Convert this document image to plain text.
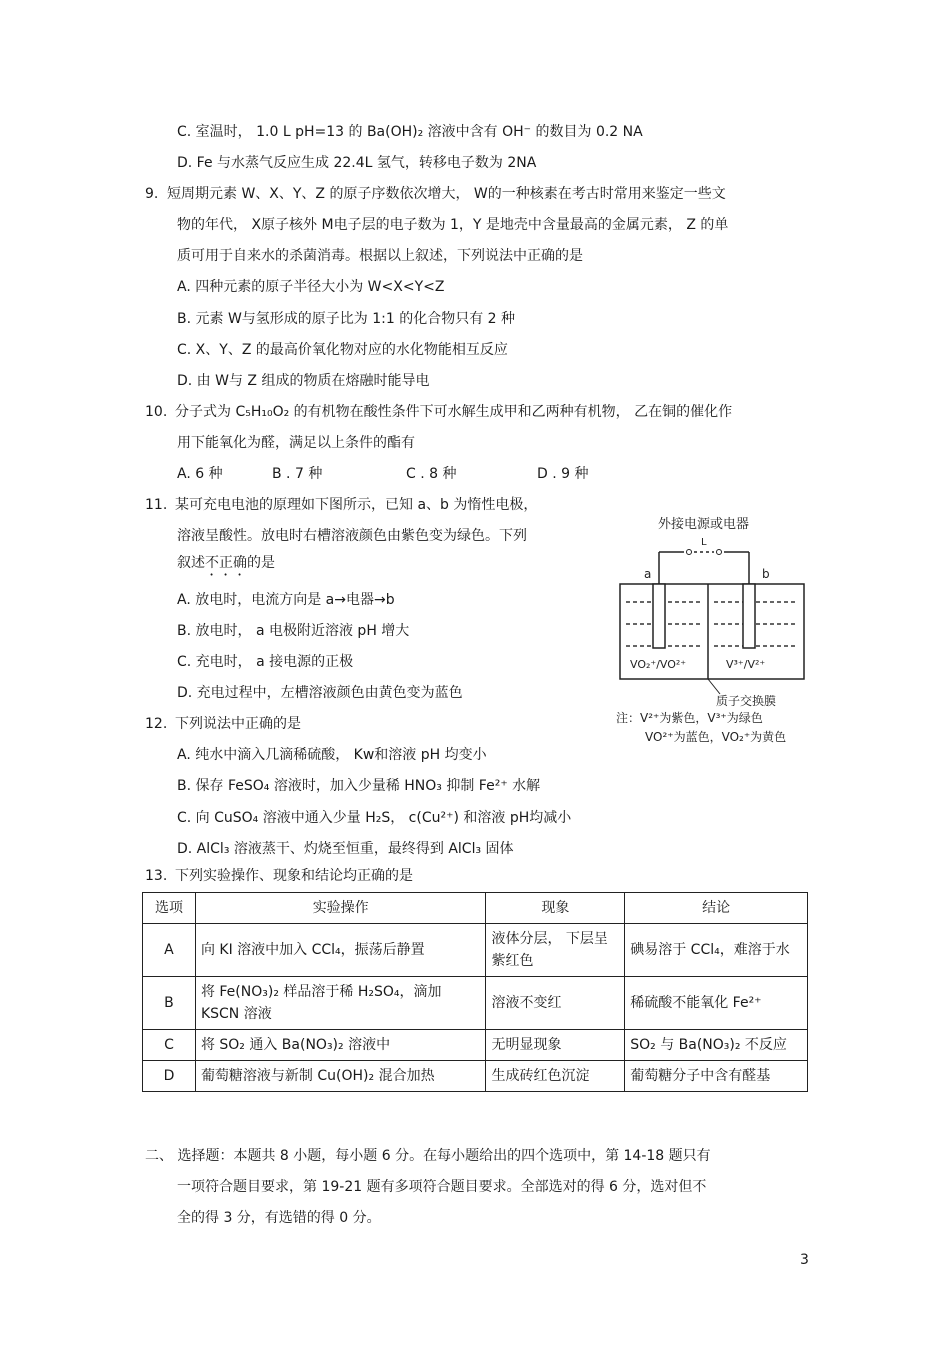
C. 室温时， 1.0 L pH=13 的 Ba(OH)₂ 溶液中含有 OH⁻ 的数目为 0.2 NA
D. Fe 与水蒸气反应生成 22.4L 氢气，转移电子数为 2NA
9. 短周期元素 W、X、Y、Z 的原子序数依次增大， W的一种核素在考古时常用来鉴定一些文
物的年代， X原子核外 M电子层的电子数为 1，Y 是地壳中含量最高的金属元素， Z 的单
质可用于自来水的杀菌消毒。根据以上叙述，下列说法中正确的是
A. 四种元素的原子半径大小为 W<X<Y<Z
B. 元素 W与氢形成的原子比为 1:1 的化合物只有 2 种
C. X、Y、Z 的最高价氧化物对应的水化物能相互反应
D. 由 W与 Z 组成的物质在熔融时能导电
10. 分子式为 C₅H₁₀O₂ 的有机物在酸性条件下可水解生成甲和乙两种有机物， 乙在铜的催化作
用下能氧化为醛，满足以上条件的酯有
A. 6 种	B . 7 种	C . 8 种	D . 9 种
11. 某可充电电池的原理如下图所示，已知 a、b 为惰性电极，
溶液呈酸性。放电时右槽溶液颜色由紫色变为绿色。下列
叙述不正确的是
A. 放电时，电流方向是 a→电器→b
B. 放电时， a 电极附近溶液 pH 增大
C. 充电时， a 接电源的正极
D. 充电过程中，左槽溶液颜色由黄色变为蓝色
外接电源或电器
L
a	b
VO₂⁺/VO²⁺	V³⁺/V²⁺
质子交换膜
注：V²⁺为紫色，V³⁺为绿色
VO²⁺为蓝色，VO₂⁺为黄色
12. 下列说法中正确的是
A. 纯水中滴入几滴稀硫酸， Kw和溶液 pH 均变小
B. 保存 FeSO₄ 溶液时，加入少量稀 HNO₃ 抑制 Fe²⁺ 水解
C. 向 CuSO₄ 溶液中通入少量 H₂S， c(Cu²⁺) 和溶液 pH均减小
D. AlCl₃ 溶液蒸干、灼烧至恒重，最终得到 AlCl₃ 固体
13. 下列实验操作、现象和结论均正确的是
选项	实验操作	现象	结论
A	向 KI 溶液中加入 CCl₄，振荡后静置	液体分层， 下层呈紫红色	碘易溶于 CCl₄，难溶于水
B	将 Fe(NO₃)₂ 样品溶于稀 H₂SO₄，滴加 KSCN 溶液	溶液不变红	稀硫酸不能氧化 Fe²⁺
C	将 SO₂ 通入 Ba(NO₃)₂ 溶液中	无明显现象	SO₂ 与 Ba(NO₃)₂ 不反应
D	葡萄糖溶液与新制 Cu(OH)₂ 混合加热	生成砖红色沉淀	葡萄糖分子中含有醛基
二、 选择题：本题共 8 小题，每小题 6 分。在每小题给出的四个选项中，第 14-18 题只有
一项符合题目要求，第 19-21 题有多项符合题目要求。全部选对的得 6 分，选对但不
全的得 3 分，有选错的得 0 分。
3
